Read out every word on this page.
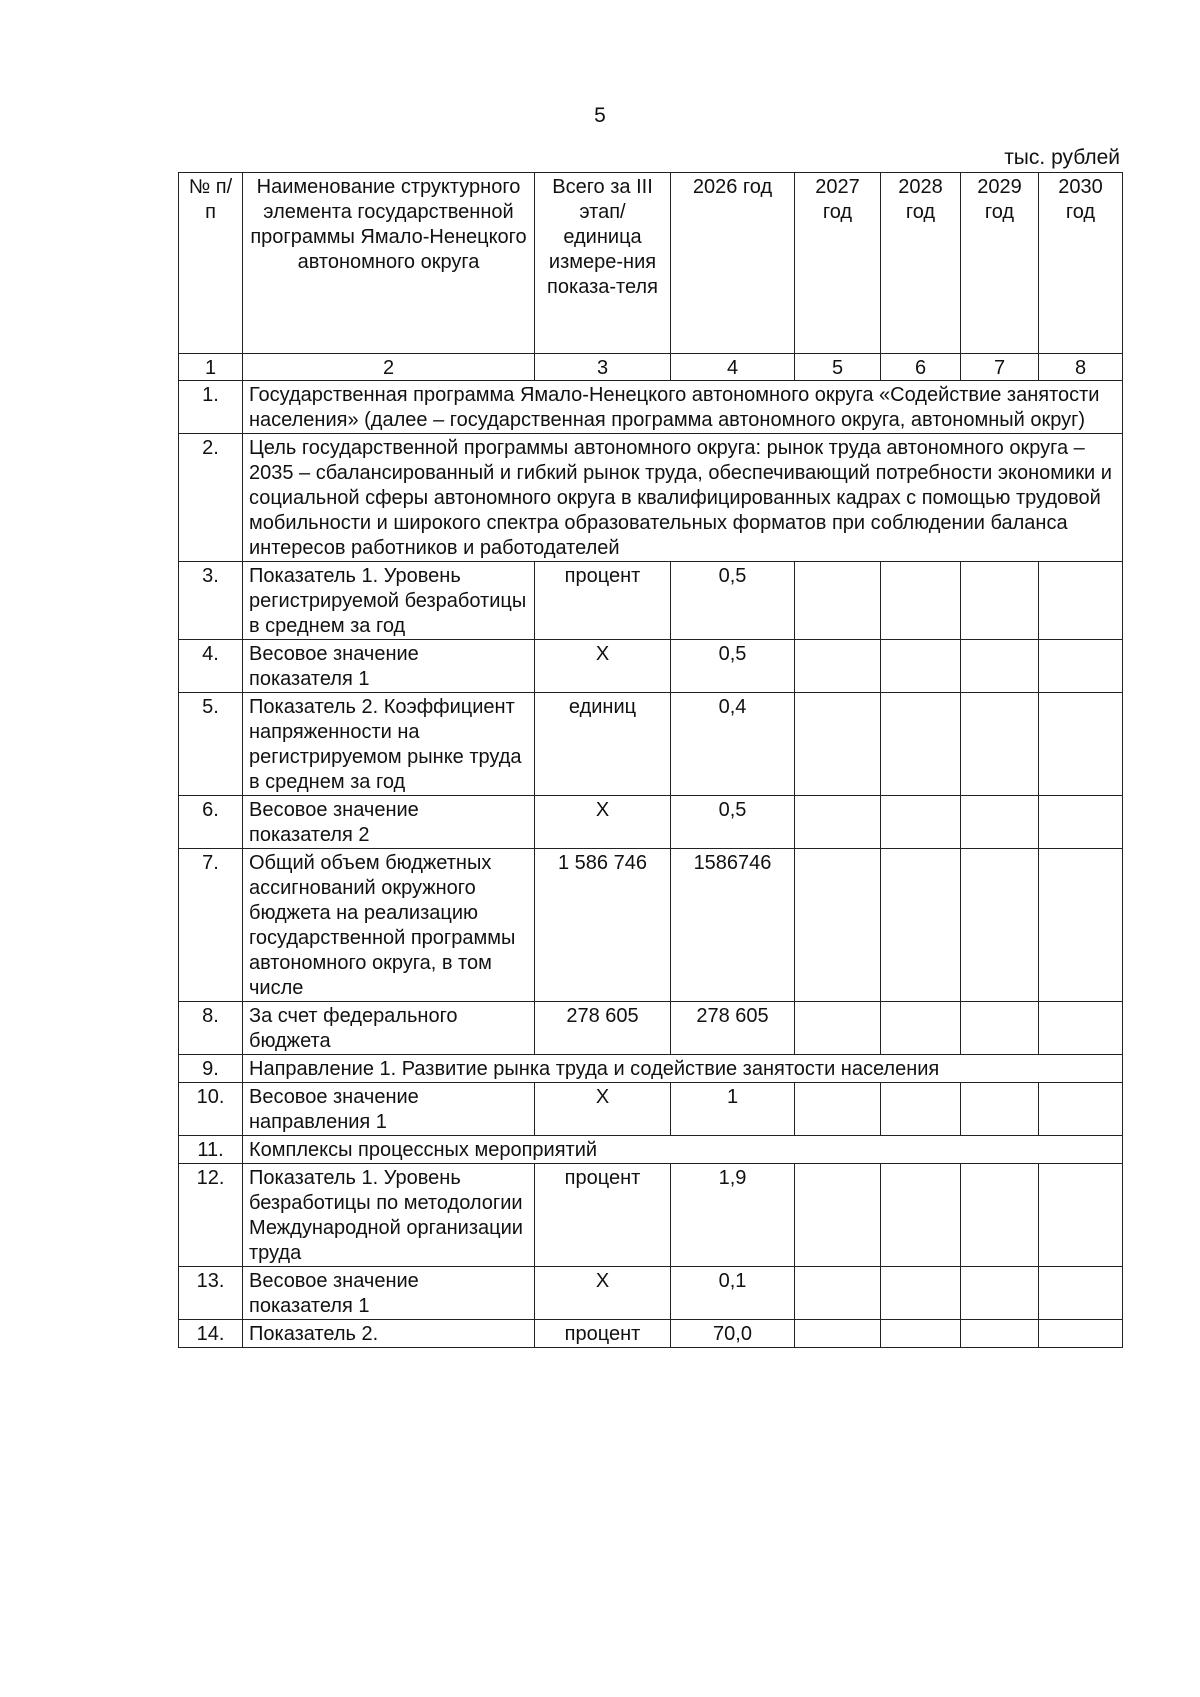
5
тыс. рублей
№ п/п	Наименование структурного элемента государственной программы Ямало-Ненецкого автономного округа	Всего за III этап/ единица измере-ния показа-теля	2026 год	2027 год	2028 год	2029 год	2030 год
1	2	3	4	5	6	7	8
1.	Государственная программа Ямало-Ненецкого автономного округа «Содействие занятости населения» (далее – государственная программа автономного округа, автономный округ)						
2.	Цель государственной программы автономного округа: рынок труда автономного округа – 2035 – сбалансированный и гибкий рынок труда, обеспечивающий потребности экономики и социальной сферы автономного округа в квалифицированных кадрах с помощью трудовой мобильности и широкого спектра образовательных форматов при соблюдении баланса интересов работников и работодателей						
3.	Показатель 1. Уровень регистрируемой безработицы в среднем за год	процент	0,5				
4.	Весовое значение показателя 1	Х	0,5				
5.	Показатель 2. Коэффициент напряженности на регистрируемом рынке труда в среднем за год	единиц	0,4				
6.	Весовое значение показателя 2	Х	0,5				
7.	Общий объем бюджетных ассигнований окружного бюджета на реализацию государственной программы автономного округа, в том числе	1 586 746	1586746				
8.	За счет федерального бюджета	278 605	278 605				
9.	Направление 1. Развитие рынка труда и содействие занятости населения						
10.	Весовое значение направления 1	Х	1				
11.	Комплексы процессных мероприятий						
12.	Показатель 1. Уровень безработицы по методологии Международной организации труда	процент	1,9				
13.	Весовое значение показателя 1	Х	0,1				
14.	Показатель 2.	процент	70,0				
